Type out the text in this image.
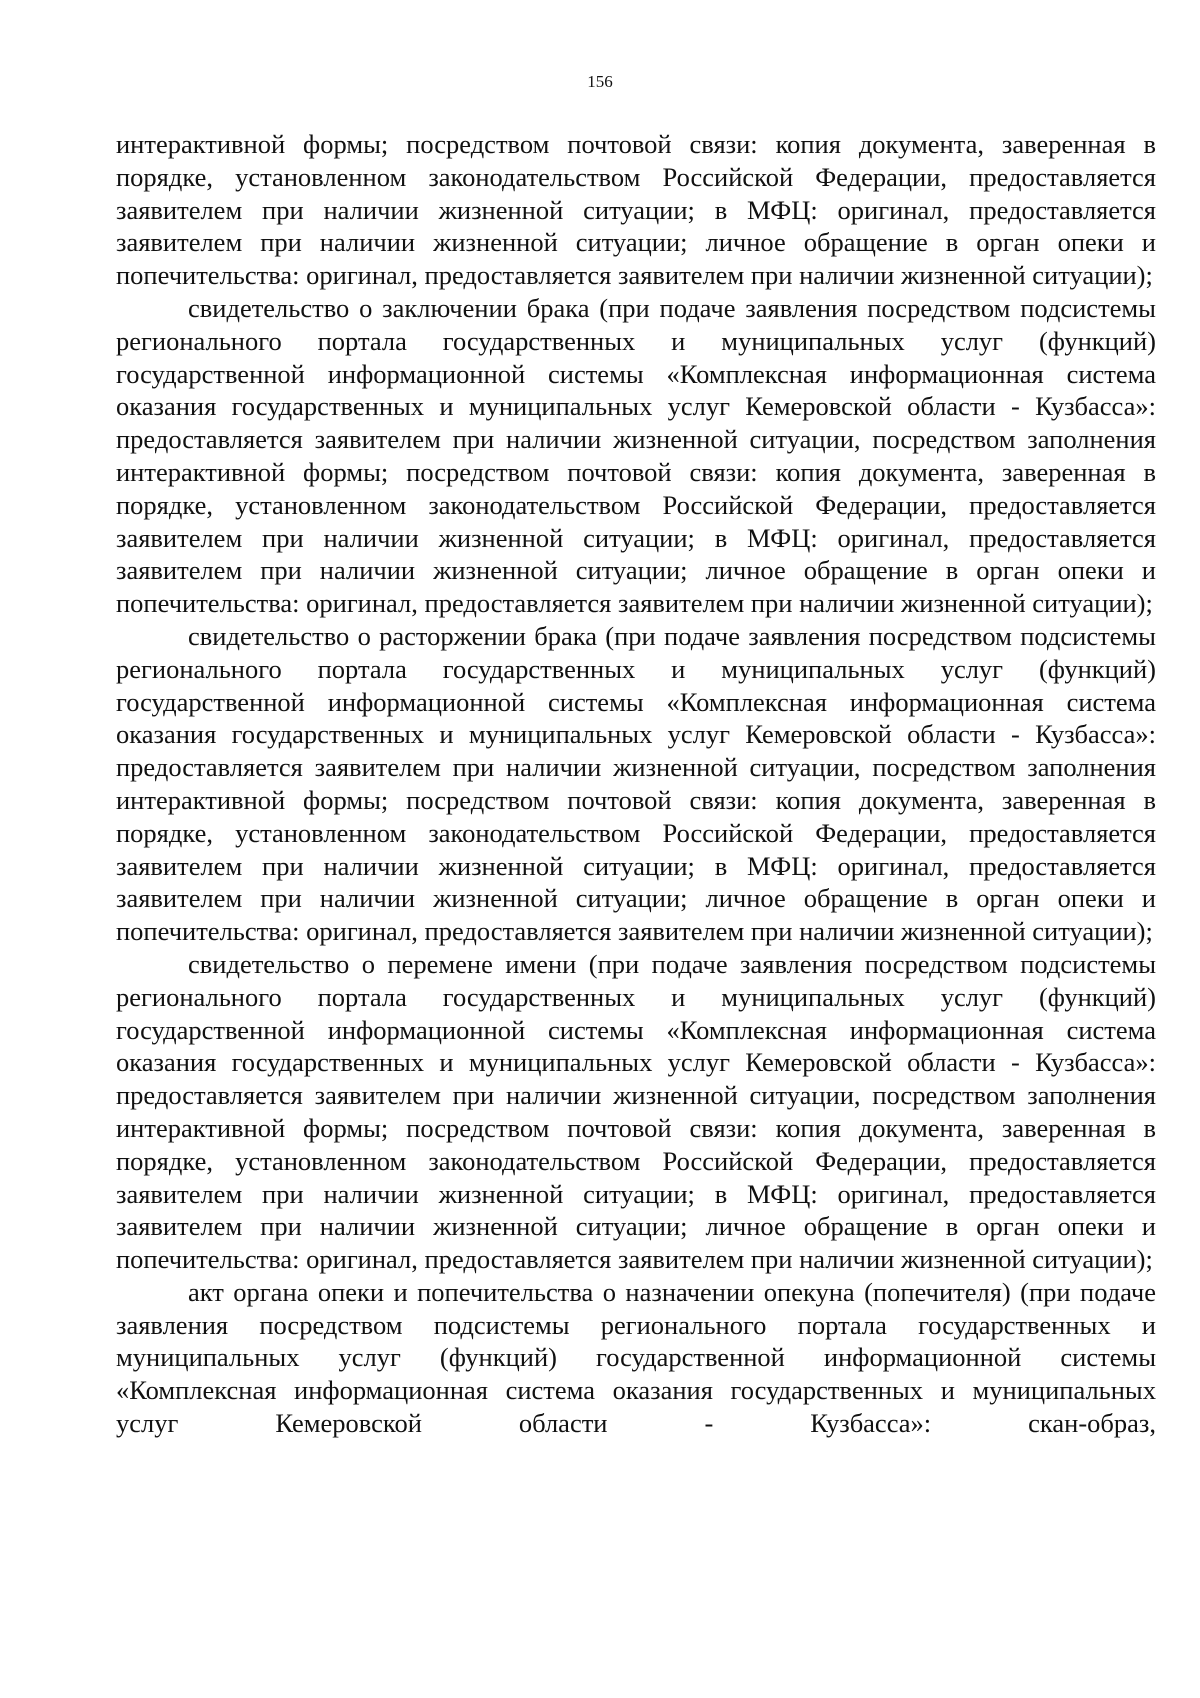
156

интерактивной формы; посредством почтовой связи: копия документа, заверенная в порядке, установленном законодательством Российской Федерации, предоставляется заявителем при наличии жизненной ситуации; в МФЦ: оригинал, предоставляется заявителем при наличии жизненной ситуации; личное обращение в орган опеки и попечительства: оригинал, предоставляется заявителем при наличии жизненной ситуации);

свидетельство о заключении брака (при подаче заявления посредством подсистемы регионального портала государственных и муниципальных услуг (функций) государственной информационной системы «Комплексная информационная система оказания государственных и муниципальных услуг Кемеровской области - Кузбасса»: предоставляется заявителем при наличии жизненной ситуации, посредством заполнения интерактивной формы; посредством почтовой связи: копия документа, заверенная в порядке, установленном законодательством Российской Федерации, предоставляется заявителем при наличии жизненной ситуации; в МФЦ: оригинал, предоставляется заявителем при наличии жизненной ситуации; личное обращение в орган опеки и попечительства: оригинал, предоставляется заявителем при наличии жизненной ситуации);

свидетельство о расторжении брака (при подаче заявления посредством подсистемы регионального портала государственных и муниципальных услуг (функций) государственной информационной системы «Комплексная информационная система оказания государственных и муниципальных услуг Кемеровской области - Кузбасса»: предоставляется заявителем при наличии жизненной ситуации, посредством заполнения интерактивной формы; посредством почтовой связи: копия документа, заверенная в порядке, установленном законодательством Российской Федерации, предоставляется заявителем при наличии жизненной ситуации; в МФЦ: оригинал, предоставляется заявителем при наличии жизненной ситуации; личное обращение в орган опеки и попечительства: оригинал, предоставляется заявителем при наличии жизненной ситуации);

свидетельство о перемене имени (при подаче заявления посредством подсистемы регионального портала государственных и муниципальных услуг (функций) государственной информационной системы «Комплексная информационная система оказания государственных и муниципальных услуг Кемеровской области - Кузбасса»: предоставляется заявителем при наличии жизненной ситуации, посредством заполнения интерактивной формы; посредством почтовой связи: копия документа, заверенная в порядке, установленном законодательством Российской Федерации, предоставляется заявителем при наличии жизненной ситуации; в МФЦ: оригинал, предоставляется заявителем при наличии жизненной ситуации; личное обращение в орган опеки и попечительства: оригинал, предоставляется заявителем при наличии жизненной ситуации);

акт органа опеки и попечительства о назначении опекуна (попечителя) (при подаче заявления посредством подсистемы регионального портала государственных и муниципальных услуг (функций) государственной информационной системы «Комплексная информационная система оказания государственных и муниципальных услуг Кемеровской области - Кузбасса»: скан-образ,
